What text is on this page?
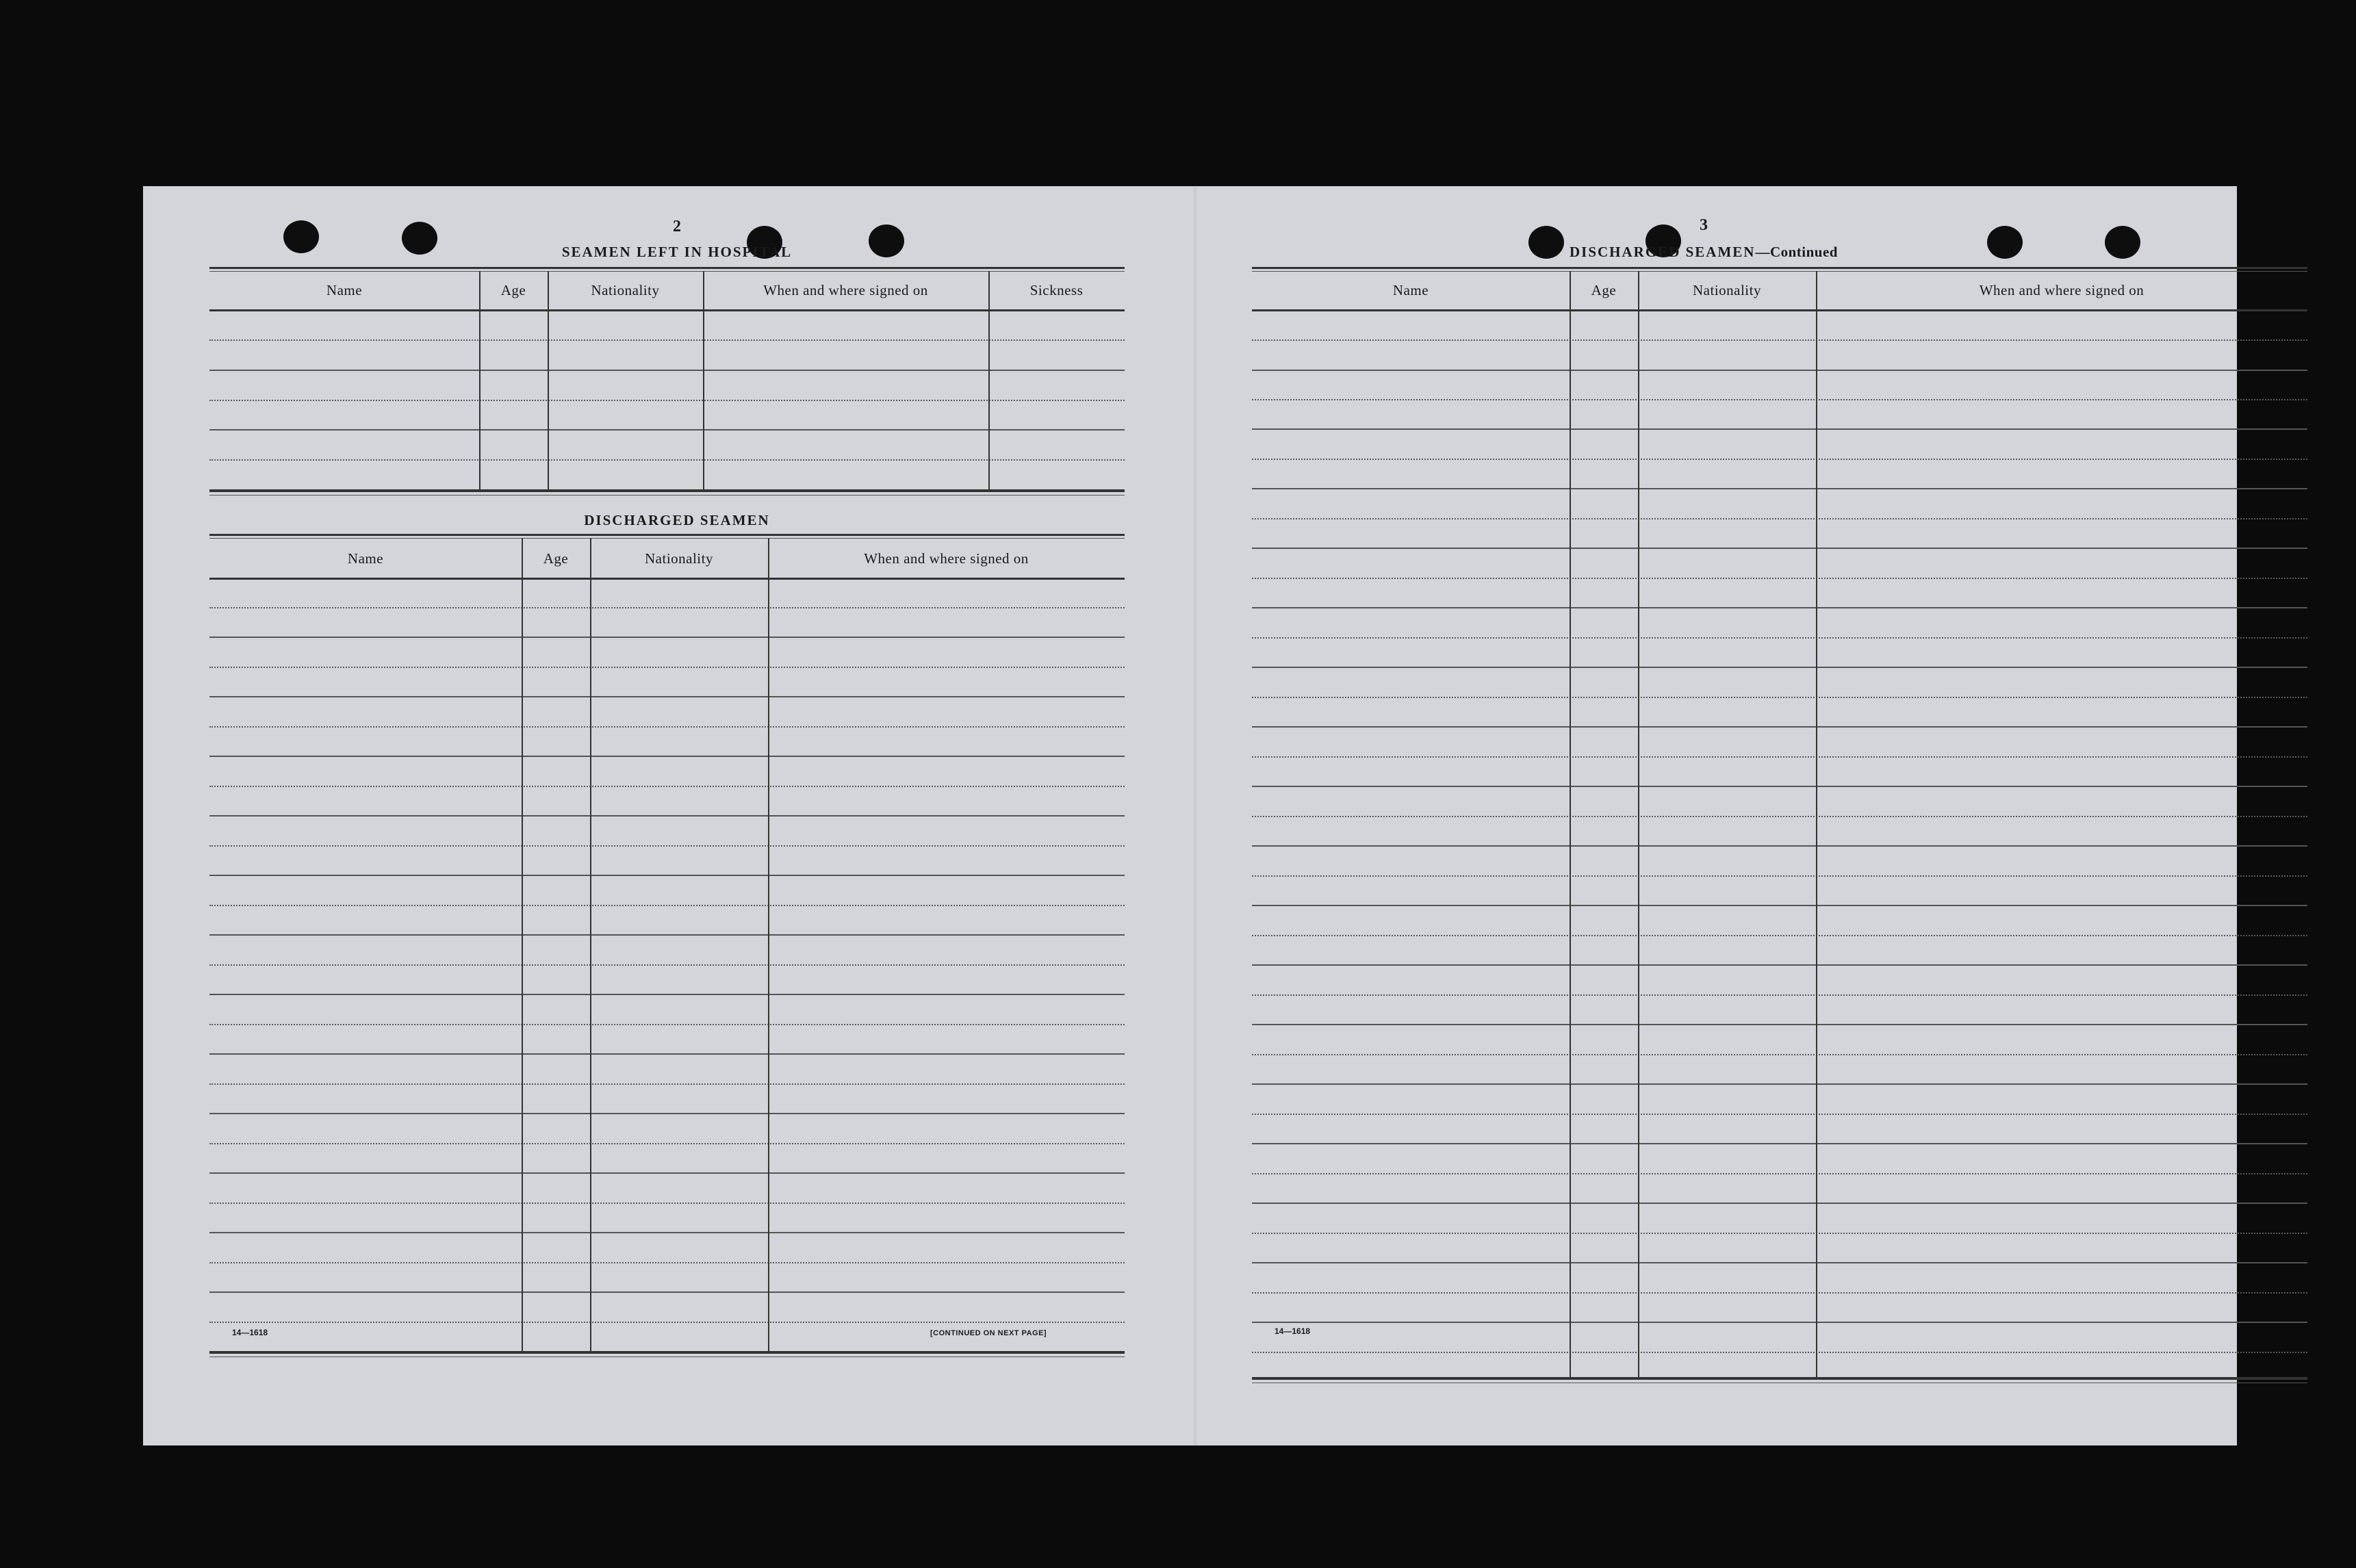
2
SEAMEN LEFT IN HOSPITAL
Name	Age	Nationality	When and where signed on	Sickness
DISCHARGED SEAMEN
Name	Age	Nationality	When and where signed on
14—1618	[CONTINUED ON NEXT PAGE]
3
DISCHARGED SEAMEN—Continued
Name	Age	Nationality	When and where signed on
14—1618
